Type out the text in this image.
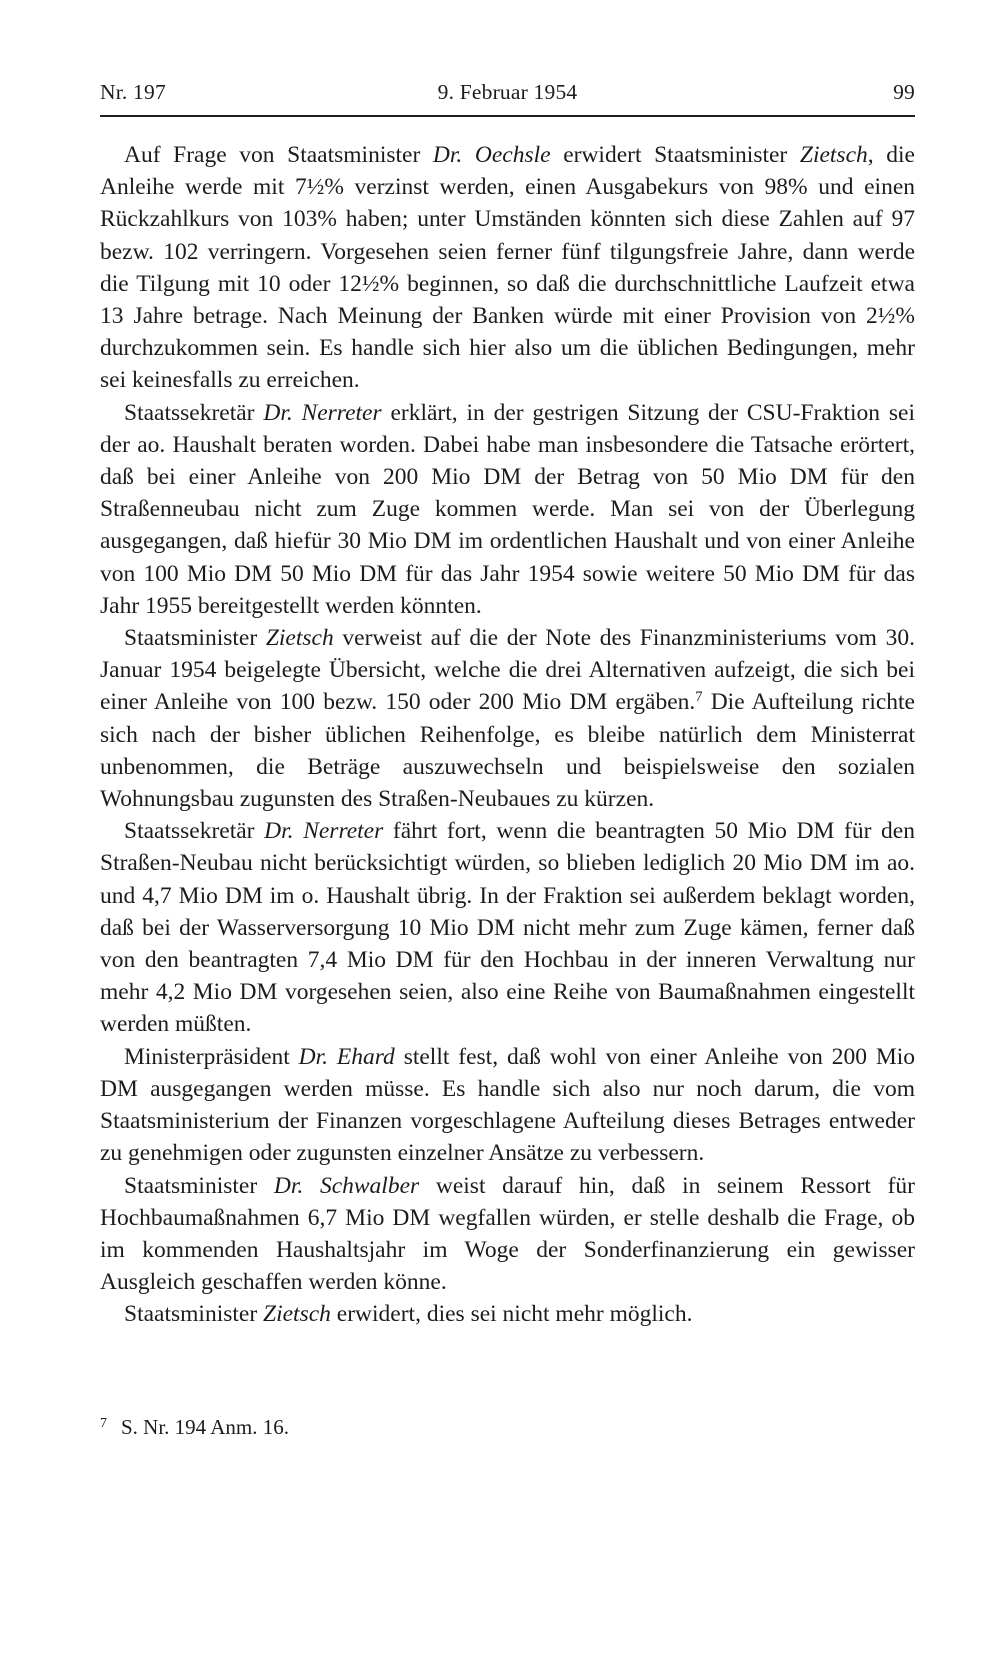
Nr. 197	9. Februar 1954	99

Auf Frage von Staatsminister Dr. Oechsle erwidert Staatsminister Zietsch, die Anleihe werde mit 7½% verzinst werden, einen Ausgabekurs von 98% und einen Rückzahlkurs von 103% haben; unter Umständen könnten sich diese Zahlen auf 97 bezw. 102 verringern. Vorgesehen seien ferner fünf tilgungsfreie Jahre, dann werde die Tilgung mit 10 oder 12½% beginnen, so daß die durchschnittliche Laufzeit etwa 13 Jahre betrage. Nach Meinung der Banken würde mit einer Provision von 2½% durchzukommen sein. Es handle sich hier also um die üblichen Bedingungen, mehr sei keinesfalls zu erreichen.

Staatssekretär Dr. Nerreter erklärt, in der gestrigen Sitzung der CSU-Fraktion sei der ao. Haushalt beraten worden. Dabei habe man insbesondere die Tatsache erörtert, daß bei einer Anleihe von 200 Mio DM der Betrag von 50 Mio DM für den Straßenneubau nicht zum Zuge kommen werde. Man sei von der Überlegung ausgegangen, daß hiefür 30 Mio DM im ordentlichen Haushalt und von einer Anleihe von 100 Mio DM 50 Mio DM für das Jahr 1954 sowie weitere 50 Mio DM für das Jahr 1955 bereitgestellt werden könnten.

Staatsminister Zietsch verweist auf die der Note des Finanzministeriums vom 30. Januar 1954 beigelegte Übersicht, welche die drei Alternativen aufzeigt, die sich bei einer Anleihe von 100 bezw. 150 oder 200 Mio DM ergäben.$^7$ Die Aufteilung richte sich nach der bisher üblichen Reihenfolge, es bleibe natürlich dem Ministerrat unbenommen, die Beträge auszuwechseln und beispielsweise den sozialen Wohnungsbau zugunsten des Straßen-Neubaues zu kürzen.

Staatssekretär Dr. Nerreter fährt fort, wenn die beantragten 50 Mio DM für den Straßen-Neubau nicht berücksichtigt würden, so blieben lediglich 20 Mio DM im ao. und 4,7 Mio DM im o. Haushalt übrig. In der Fraktion sei außerdem beklagt worden, daß bei der Wasserversorgung 10 Mio DM nicht mehr zum Zuge kämen, ferner daß von den beantragten 7,4 Mio DM für den Hochbau in der inneren Verwaltung nur mehr 4,2 Mio DM vorgesehen seien, also eine Reihe von Baumaßnahmen eingestellt werden müßten.

Ministerpräsident Dr. Ehard stellt fest, daß wohl von einer Anleihe von 200 Mio DM ausgegangen werden müsse. Es handle sich also nur noch darum, die vom Staatsministerium der Finanzen vorgeschlagene Aufteilung dieses Betrages entweder zu genehmigen oder zugunsten einzelner Ansätze zu verbessern.

Staatsminister Dr. Schwalber weist darauf hin, daß in seinem Ressort für Hochbaumaßnahmen 6,7 Mio DM wegfallen würden, er stelle deshalb die Frage, ob im kommenden Haushaltsjahr im Woge der Sonderfinanzierung ein gewisser Ausgleich geschaffen werden könne.

Staatsminister Zietsch erwidert, dies sei nicht mehr möglich.

$^7$ S. Nr. 194 Anm. 16.
